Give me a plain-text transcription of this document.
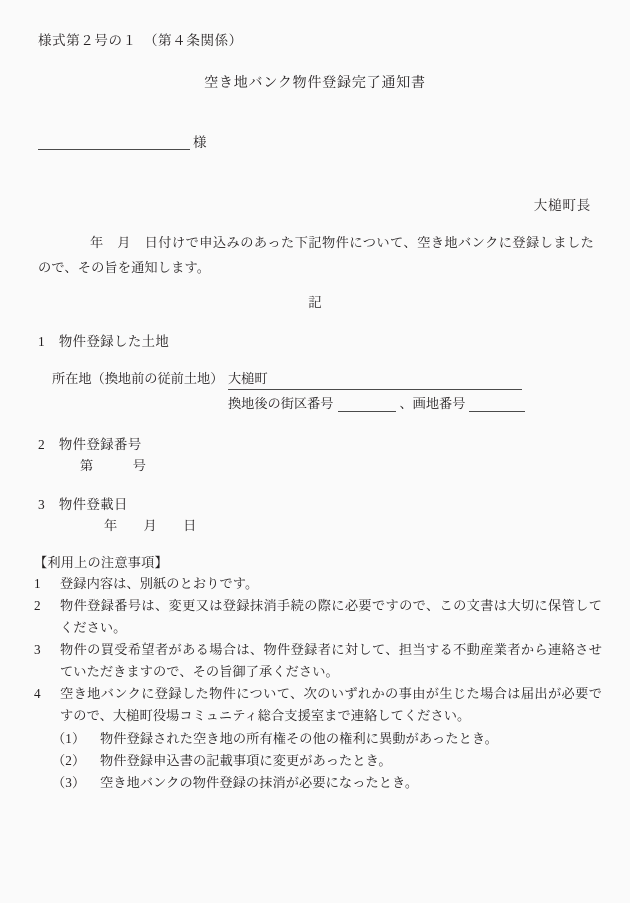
様式第２号の１　（第４条関係）
空き地バンク物件登録完了通知書
様
大槌町長
年　月　日付けで申込みのあった下記物件について、空き地バンクに登録しましたので、その旨を通知します。
記
1　物件登録した土地
所在地（換地前の従前土地） 大槌町
換地後の街区番号	、画地番号
2　物件登録番号
第　　　号
3　物件登載日
年　　月　　日
【利用上の注意事項】
1	登録内容は、別紙のとおりです。
2	物件登録番号は、変更又は登録抹消手続の際に必要ですので、この文書は大切に保管してください。
3	物件の買受希望者がある場合は、物件登録者に対して、担当する不動産業者から連絡させていただきますので、その旨御了承ください。
4	空き地バンクに登録した物件について、次のいずれかの事由が生じた場合は届出が必要ですので、大槌町役場コミュニティ総合支援室まで連絡してください。
（1）	物件登録された空き地の所有権その他の権利に異動があったとき。
（2）	物件登録申込書の記載事項に変更があったとき。
（3）	空き地バンクの物件登録の抹消が必要になったとき。
